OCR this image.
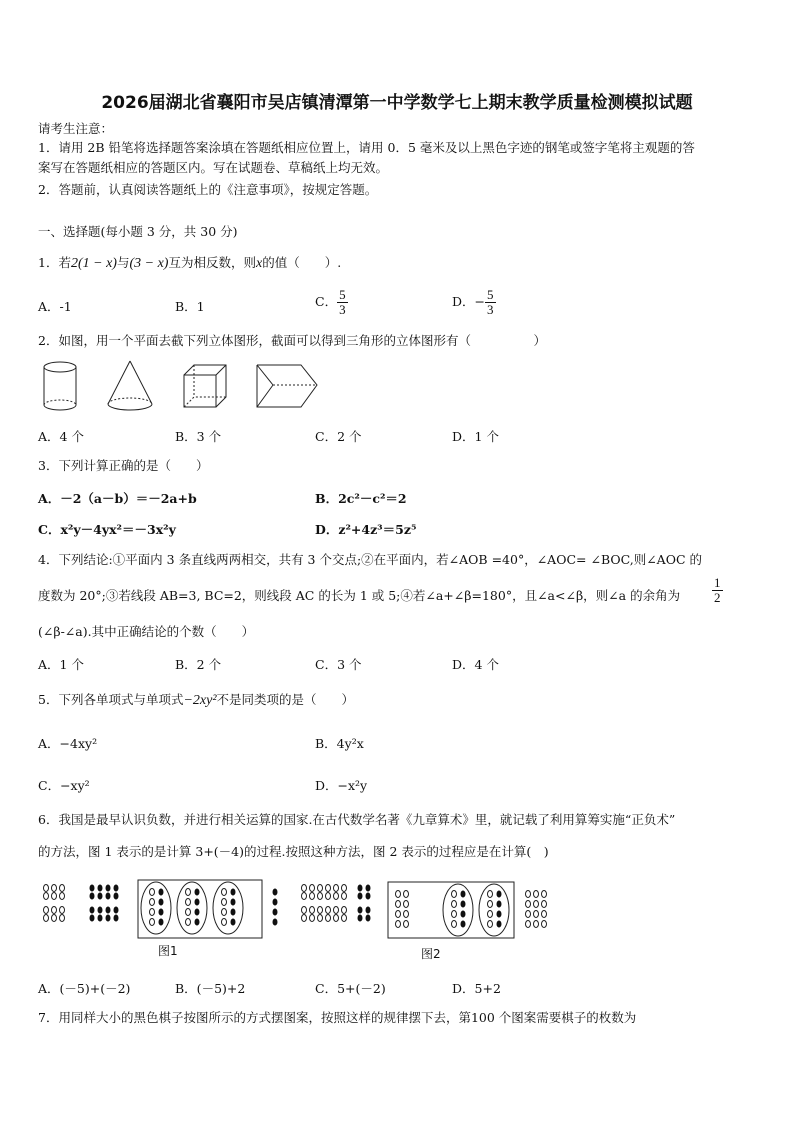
2026届湖北省襄阳市吴店镇清潭第一中学数学七上期末教学质量检测模拟试题
请考生注意：
1．请用 2B 铅笔将选择题答案涂填在答题纸相应位置上，请用 0．5 毫米及以上黑色字迹的钢笔或签字笔将主观题的答
案写在答题纸相应的答题区内。写在试题卷、草稿纸上均无效。
2．答题前，认真阅读答题纸上的《注意事项》，按规定答题。
一、选择题(每小题 3 分，共 30 分)
1．若2(1 − x)与(3 − x)互为相反数，则x的值（　　）.
A．-1	B．1	C． $\frac{5}{3}$	D．− $\frac{5}{3}$
2．如图，用一个平面去截下列立体图形，截面可以得到三角形的立体图形有（　　　　　）
A．4 个	B．3 个	C．2 个	D．1 个
3．下列计算正确的是（　　）
A．－2（a－b）＝－2a+b	B．2c²－c²＝2
C．x²y－4yx²＝－3x²y	D．z²+4z³＝5z⁵
4．下列结论:①平面内 3 条直线两两相交，共有 3 个交点;②在平面内，若∠AOB =40°，∠AOC= ∠BOC,则∠AOC 的
度数为 20°;③若线段 AB=3, BC=2，则线段 AC 的长为 1 或 5;④若∠a+∠β=180°，且∠a<∠β，则∠a 的余角为 $\frac{1}{2}$
(∠β-∠a).其中正确结论的个数（　　）
A．1 个	B．2 个	C．3 个	D．4 个
5．下列各单项式与单项式−2xy²不是同类项的是（　　）
A．−4xy²	B．4y²x
C．−xy²	D．−x²y
6．我国是最早认识负数，并进行相关运算的国家.在古代数学名著《九章算术》里，就记载了利用算筹实施“正负术”
的方法，图 1 表示的是计算 3+(－4)的过程.按照这种方法，图 2 表示的过程应是在计算(　)
图1	图2
A．(－5)+(－2)	B．(－5)+2	C．5+(－2)	D．5+2
7．用同样大小的黑色棋子按图所示的方式摆图案，按照这样的规律摆下去，第100 个图案需要棋子的枚数为
